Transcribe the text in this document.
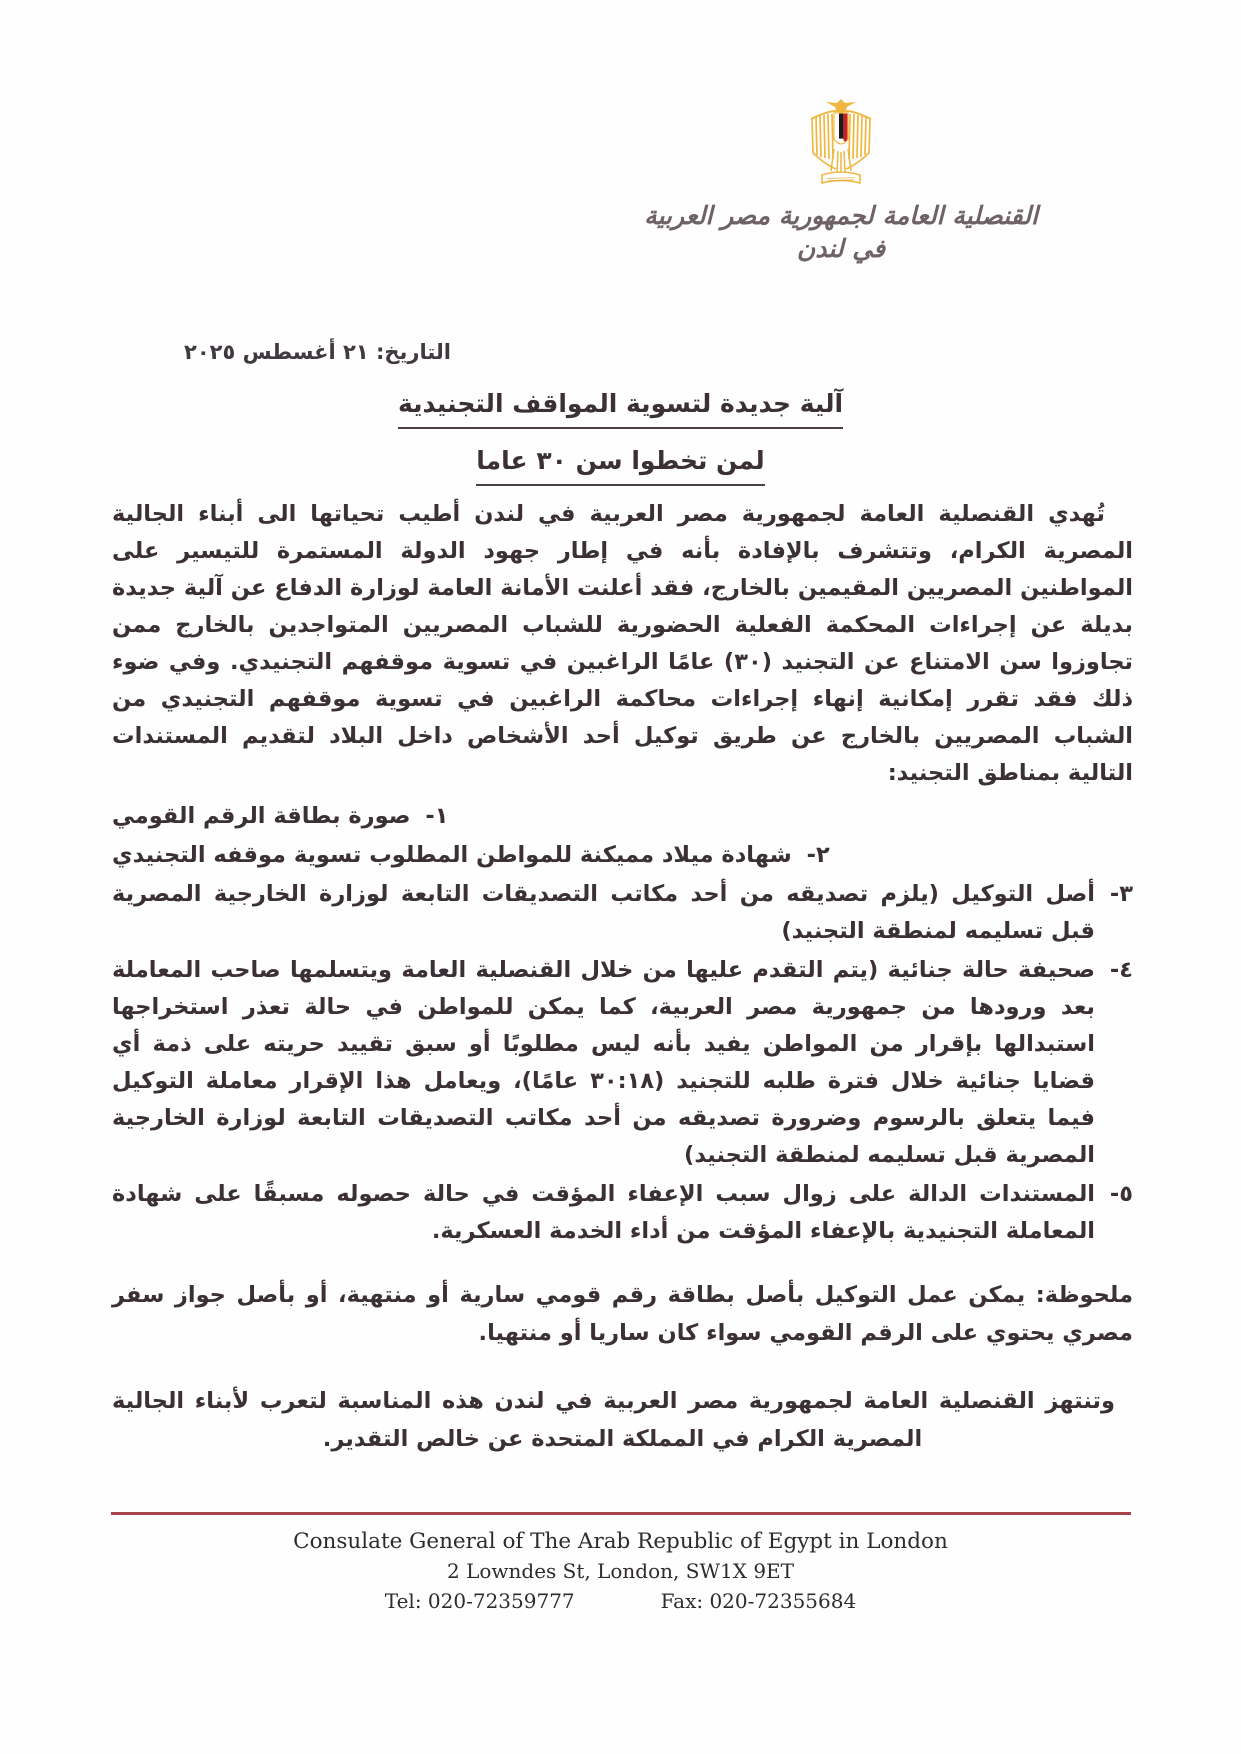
القنصلية العامة لجمهورية مصر العربية
في لندن
التاريخ: ٢١ أغسطس ٢٠٢٥
آلية جديدة لتسوية المواقف التجنيدية
لمن تخطوا سن ٣٠ عاما

تُهدي القنصلية العامة لجمهورية مصر العربية في لندن أطيب تحياتها الى أبناء الجالية المصرية الكرام، وتتشرف بالإفادة بأنه في إطار جهود الدولة المستمرة للتيسير على المواطنين المصريين المقيمين بالخارج، فقد أعلنت الأمانة العامة لوزارة الدفاع عن آلية جديدة بديلة عن إجراءات المحكمة الفعلية الحضورية للشباب المصريين المتواجدين بالخارج ممن تجاوزوا سن الامتناع عن التجنيد (٣٠) عامًا الراغبين في تسوية موقفهم التجنيدي. وفي ضوء ذلك فقد تقرر إمكانية إنهاء إجراءات محاكمة الراغبين في تسوية موقفهم التجنيدي من الشباب المصريين بالخارج عن طريق توكيل أحد الأشخاص داخل البلاد لتقديم المستندات التالية بمناطق التجنيد:

١-
صورة بطاقة الرقم القومي
٢-
شهادة ميلاد مميكنة للمواطن المطلوب تسوية موقفه التجنيدي
٣-
أصل التوكيل (يلزم تصديقه من أحد مكاتب التصديقات التابعة لوزارة الخارجية المصرية قبل تسليمه لمنطقة التجنيد)
٤-
صحيفة حالة جنائية (يتم التقدم عليها من خلال القنصلية العامة ويتسلمها صاحب المعاملة بعد ورودها من جمهورية مصر العربية، كما يمكن للمواطن في حالة تعذر استخراجها استبدالها بإقرار من المواطن يفيد بأنه ليس مطلوبًا أو سبق تقييد حريته على ذمة أي قضايا جنائية خلال فترة طلبه للتجنيد (٣٠:١٨ عامًا)، ويعامل هذا الإقرار معاملة التوكيل فيما يتعلق بالرسوم وضرورة تصديقه من أحد مكاتب التصديقات التابعة لوزارة الخارجية المصرية قبل تسليمه لمنطقة التجنيد)
٥-
المستندات الدالة على زوال سبب الإعفاء المؤقت في حالة حصوله مسبقًا على شهادة المعاملة التجنيدية بالإعفاء المؤقت من أداء الخدمة العسكرية.

ملحوظة: يمكن عمل التوكيل بأصل بطاقة رقم قومي سارية أو منتهية، أو بأصل جواز سفر مصري يحتوي على الرقم القومي سواء كان ساريا أو منتهيا.

وتنتهز القنصلية العامة لجمهورية مصر العربية في لندن هذه المناسبة لتعرب لأبناء الجالية المصرية الكرام في المملكة المتحدة عن خالص التقدير.

Consulate General of The Arab Republic of Egypt in London
2 Lowndes St, London, SW1X 9ET
Tel: 020-72359777	Fax: 020-72355684
